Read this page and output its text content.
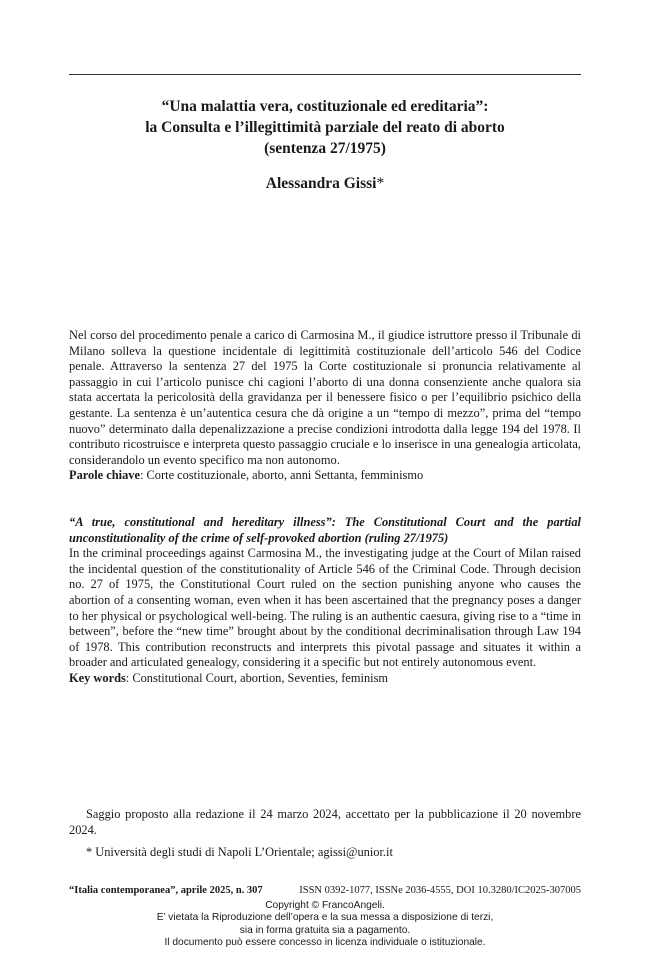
“Una malattia vera, costituzionale ed ereditaria”:
la Consulta e l’illegittimità parziale del reato di aborto
(sentenza 27/1975)
Alessandra Gissi*

Nel corso del procedimento penale a carico di Carmosina M., il giudice istruttore presso il Tribunale di Milano solleva la questione incidentale di legittimità costituzionale dell’articolo 546 del Codice penale. Attraverso la sentenza 27 del 1975 la Corte costituzionale si pronuncia relativamente al passaggio in cui l’articolo punisce chi cagioni l’aborto di una donna consenziente anche qualora sia stata accertata la pericolosità della gravidanza per il benessere fisico o per l’equilibrio psichico della gestante. La sentenza è un’autentica cesura che dà origine a un “tempo di mezzo”, prima del “tempo nuovo” determinato dalla depenalizzazione a precise condizioni introdotta dalla legge 194 del 1978. Il contributo ricostruisce e interpreta questo passaggio cruciale e lo inserisce in una genealogia articolata, considerandolo un evento specifico ma non autonomo.

Parole chiave: Corte costituzionale, aborto, anni Settanta, femminismo

“A true, constitutional and hereditary illness”: The Constitutional Court and the partial unconstitutionality of the crime of self-provoked abortion (ruling 27/1975)

In the criminal proceedings against Carmosina M., the investigating judge at the Court of Milan raised the incidental question of the constitutionality of Article 546 of the Criminal Code. Through decision no. 27 of 1975, the Constitutional Court ruled on the section punishing anyone who causes the abortion of a consenting woman, even when it has been ascertained that the pregnancy poses a danger to her physical or psychological well-being. The ruling is an authentic caesura, giving rise to a “time in between”, before the “new time” brought about by the conditional decriminalisation through Law 194 of 1978. This contribution reconstructs and interprets this pivotal passage and situates it within a broader and articulated genealogy, considering it a specific but not entirely autonomous event.

Key words: Constitutional Court, abortion, Seventies, feminism

Saggio proposto alla redazione il 24 marzo 2024, accettato per la pubblicazione il 20 novembre 2024.
* Università degli studi di Napoli L’Orientale; agissi@unior.it
“Italia contemporanea”, aprile 2025, n. 307	ISSN 0392-1077, ISSNe 2036-4555, DOI 10.3280/IC2025-307005
Copyright © FrancoAngeli.
E’ vietata la Riproduzione dell’opera e la sua messa a disposizione di terzi,
sia in forma gratuita sia a pagamento.
Il documento può essere concesso in licenza individuale o istituzionale.
